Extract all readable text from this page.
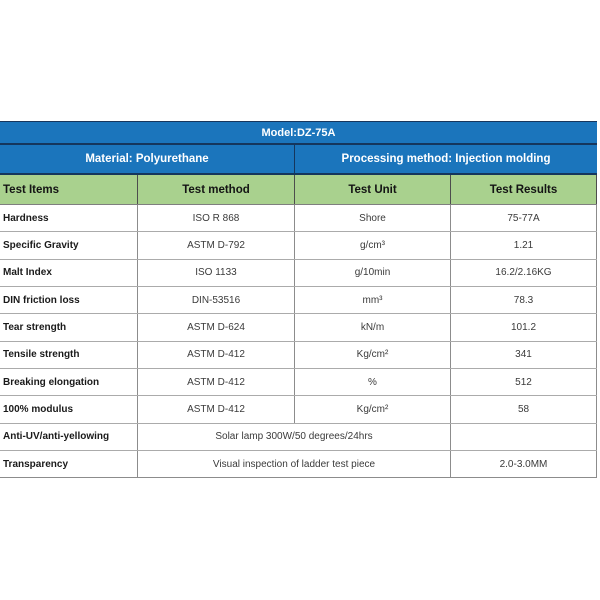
Model:DZ-75A
Material: Polyurethane	Processing method: Injection molding
Test Items	Test method	Test Unit	Test Results
Hardness	ISO R 868	Shore	75-77A
Specific Gravity	ASTM D-792	g/cm³	1.21
Malt Index	ISO 1133	g/10min	16.2/2.16KG
DIN friction loss	DIN-53516	mm³	78.3
Tear strength	ASTM D-624	kN/m	101.2
Tensile strength	ASTM D-412	Kg/cm²	341
Breaking elongation	ASTM D-412	%	512
100% modulus	ASTM D-412	Kg/cm²	58
Anti-UV/anti-yellowing	Solar lamp 300W/50 degrees/24hrs
Transparency	Visual inspection of ladder test piece	2.0-3.0MM
